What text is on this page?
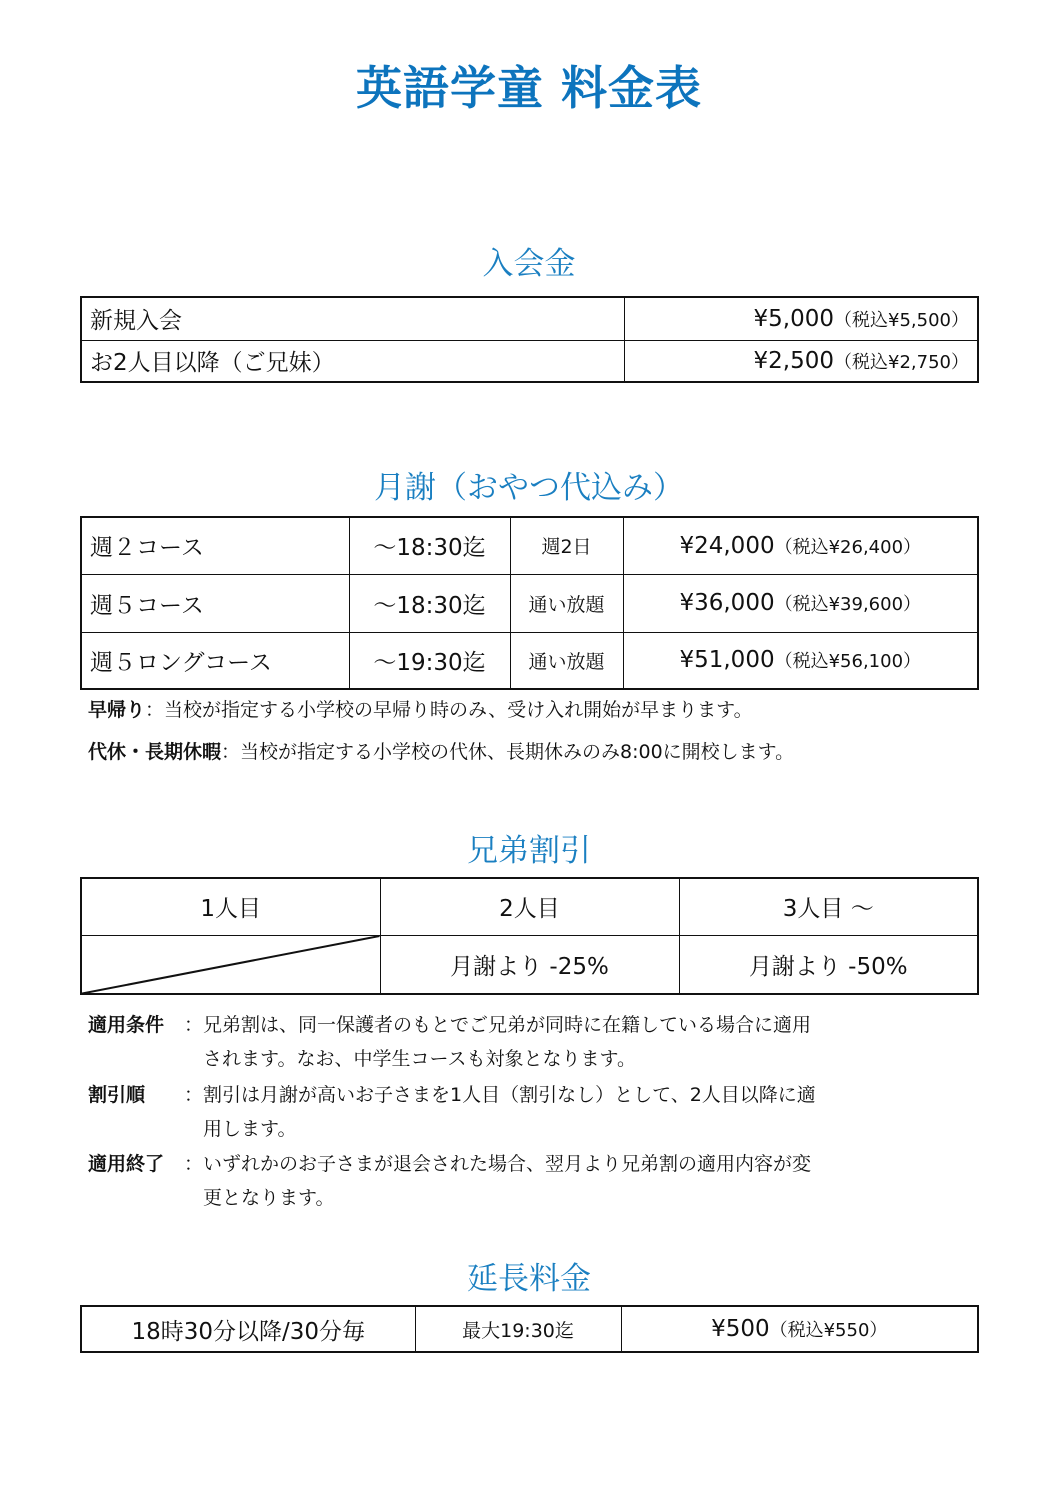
英語学童 料金表
入会金
新規入会	¥5,000（税込¥5,500）
お2人目以降（ご兄妹）	¥2,500（税込¥2,750）
月謝（おやつ代込み）
週２コース	〜18:30迄	週2日	¥24,000（税込¥26,400）
週５コース	〜18:30迄	通い放題	¥36,000（税込¥39,600）
週５ロングコース	〜19:30迄	通い放題	¥51,000（税込¥56,100）
早帰り：当校が指定する小学校の早帰り時のみ、受け入れ開始が早まります。
代休・長期休暇：当校が指定する小学校の代休、長期休みのみ8:00に開校します。
兄弟割引
1人目	2人目	3人目 〜

	月謝より -25%	月謝より -50%
適用条件 ： 兄弟割は、同一保護者のもとでご兄弟が同時に在籍している場合に適用
されます。なお、中学生コースも対象となります。
割引順 ： 割引は月謝が高いお子さまを1人目（割引なし）として、2人目以降に適
用します。
適用終了 ： いずれかのお子さまが退会された場合、翌月より兄弟割の適用内容が変
更となります。
延長料金
18時30分以降/30分毎	最大19:30迄	¥500（税込¥550）
